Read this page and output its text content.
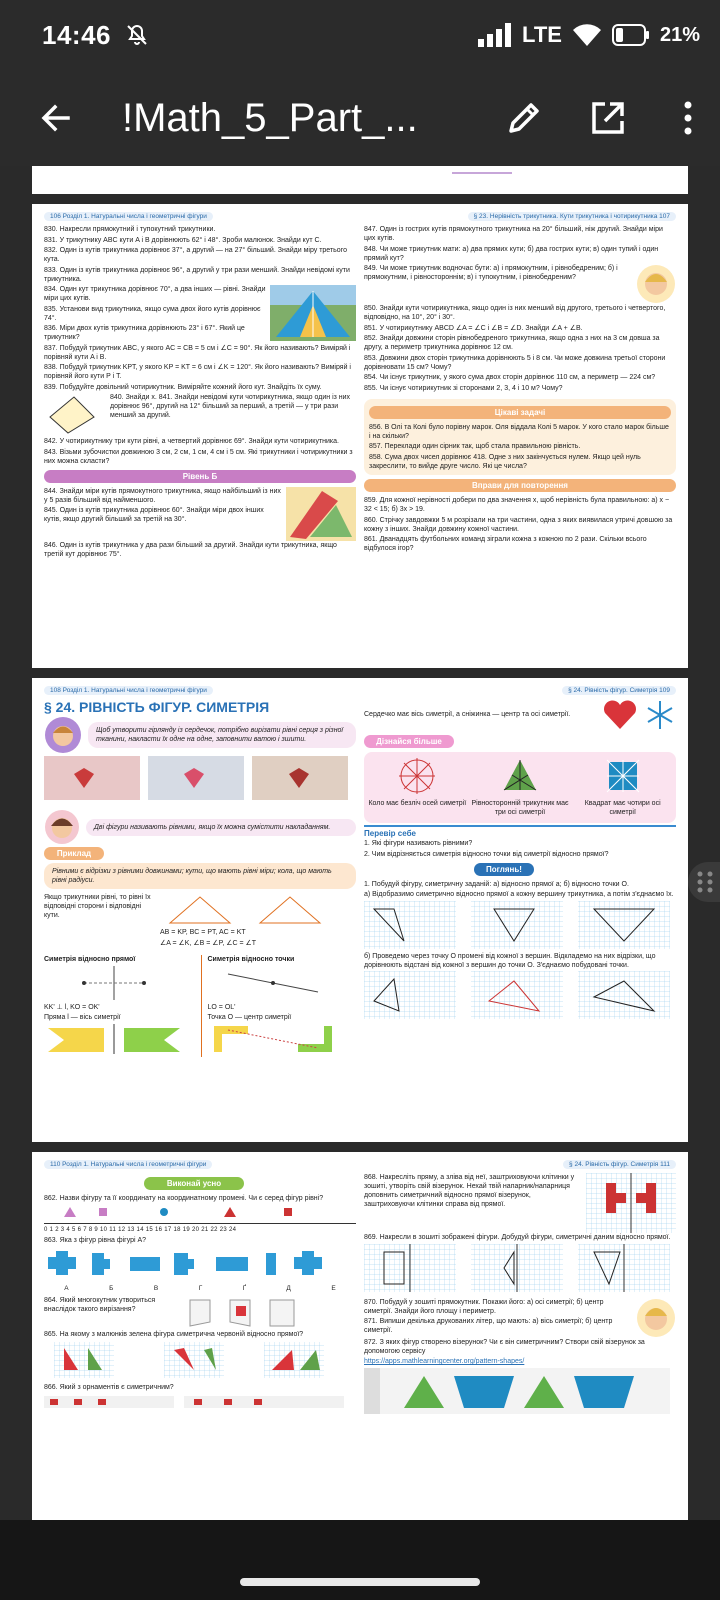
14:46	LTE	21%
!Math_5_Part_...
106 Розділ 1. Натуральні числа і геометричні фігури	§ 23. Нерівність трикутника. Кути трикутника і чотирикутника 107

830. Накресли прямокутний і тупокутний трикутники.

831. У трикутнику ABC кути A і B дорівнюють 62° і 48°. Зроби малюнок. Знайди кут C.

832. Один із кутів трикутника дорівнює 37°, а другий — на 27° більший. Знайди міру третього кута.

833. Один із кутів трикутника дорівнює 96°, а другий у три рази менший. Знайди невідомі кути трикутника.

834. Один кут трикутника дорівнює 70°, а два інших — рівні. Знайди міри цих кутів.

835. Установи вид трикутника, якщо сума двох його кутів дорівнює 74°.

836. Міри двох кутів трикутника дорівнюють 23° і 67°. Який це трикутник?

837. Побудуй трикутник ABC, у якого AC = CB = 5 см і ∠C = 90°. Як його називають? Виміряй і порівняй кути A і B.

838. Побудуй трикутник KPT, у якого KP = KT = 6 см і ∠K = 120°. Як його називають? Виміряй і порівняй його кути P і T.

839. Побудуйте довільний чотирикутник. Виміряйте кожний його кут. Знайдіть їх суму.

840. Знайди x. 841. Знайди невідомі кути чотирикутника, якщо один із них дорівнює 96°, другий на 12° більший за перший, а третій — у три рази менший за другий.

842. У чотирикутнику три кути рівні, а четвертий дорівнює 69°. Знайди кути чотирикутника.

843. Візьми зубочистки довжиною 3 см, 2 см, 1 см, 4 см і 5 см. Які трикутники і чотирикутники з них можна скласти?

Рівень Б

844. Знайди міри кутів прямокутного трикутника, якщо найбільший із них у 5 разів більший від найменшого.

845. Один із кутів трикутника дорівнює 60°. Знайди міри двох інших кутів, якщо другий більший за третій на 30°.

846. Один із кутів трикутника у два рази більший за другий. Знайди кути трикутника, якщо третій кут дорівнює 75°.

847. Один із гострих кутів прямокутного трикутника на 20° більший, ніж другий. Знайди міри цих кутів.

848. Чи може трикутник мати: а) два прямих кути; б) два гострих кути; в) один тупий і один прямий кут?

849. Чи може трикутник водночас бути: а) і прямокутним, і рівнобедреним; б) і прямокутним, і рівностороннім; в) і тупокутним, і рівнобедреним?

850. Знайди кути чотирикутника, якщо один із них менший від другого, третього і четвертого, відповідно, на 10°, 20° і 30°.

851. У чотирикутнику ABCD ∠A = ∠C і ∠B = ∠D. Знайди ∠A + ∠B.

852. Знайди довжини сторін рівнобедреного трикутника, якщо одна з них на 3 см довша за другу, а периметр трикутника дорівнює 12 см.

853. Довжини двох сторін трикутника дорівнюють 5 і 8 см. Чи може довжина третьої сторони дорівнювати 15 см? Чому?

854. Чи існує трикутник, у якого сума двох сторін дорівнює 110 см, а периметр — 224 см?

855. Чи існує чотирикутник зі сторонами 2, 3, 4 і 10 м? Чому?

Цікаві задачі

856. В Олі та Колі було порівну марок. Оля віддала Колі 5 марок. У кого стало марок більше і на скільки?

857. Переклади один сірник так, щоб стала правильною рівність.

858. Сума двох чисел дорівнює 418. Одне з них закінчується нулем. Якщо цей нуль закреслити, то вийде друге число. Які це числа?

Вправи для повторення

859. Для кожної нерівності добери по два значення x, щоб нерівність була правильною: а) x − 32 < 15; б) 3x > 19.

860. Стрічку завдовжки 5 м розрізали на три частини, одна з яких виявилася утричі довшою за кожну з інших. Знайди довжину кожної частини.

861. Дванадцять футбольних команд зіграли кожна з кожною по 2 рази. Скільки всього відбулося ігор?

108 Розділ 1. Натуральні числа і геометричні фігури	§ 24. Рівність фігур. Симетрія 109
§ 24. РІВНІСТЬ ФІГУР. СИМЕТРІЯ
Щоб утворити гірлянду із сердечок, потрібно вирізати рівні серця з різної тканини, накласти їх одне на одне, заповнити ватою і зшити.
Дві фігури називають рівними, якщо їх можна сумістити накладанням.
Приклад
Рівними є відрізки з рівними довжинами; кути, що мають рівні міри; кола, що мають рівні радіуси.

Якщо трикутники рівні, то рівні їх відповідні сторони і відповідні кути.

AB = KP, BC = PT, AC = KT

∠A = ∠K, ∠B = ∠P, ∠C = ∠T

Симетрія відносно прямої

KK' ⊥ l, KO = OK'

Пряма l — вісь симетрії

Симетрія відносно точки

LO = OL'

Точка O — центр симетрії

Сердечко має вісь симетрії, а сніжинка — центр та осі симетрії.

Дізнайся більше

Коло має безліч осей симетрії Рівносторонній трикутник має три осі симетрії

Квадрат має чотири осі симетрії

Перевір себе

1. Які фігури називають рівними?

2. Чим відрізняється симетрія відносно точки від симетрії відносно прямої?

Поглянь!

1. Побудуй фігуру, симетричну заданій: а) відносно прямої a; б) відносно точки O.

а) Відобразимо симетрично відносно прямої a кожну вершину трикутника, а потім з'єднаємо їх.

б) Проведемо через точку O промені від кожної з вершин. Відкладемо на них відрізки, що дорівнюють відстані від кожної з вершин до точки O. З'єднаємо побудовані точки.

110 Розділ 1. Натуральні числа і геометричні фігури	§ 24. Рівність фігур. Симетрія 111
Виконай усно

862. Назви фігуру та її координату на координатному промені. Чи є серед фігур рівні?

0 1 2 3 4 5 6 7 8 9 10 11 12 13 14 15 16 17 18 19 20 21 22 23 24

863. Яка з фігур рівна фігурі A?

А	Б	В	Г	Ґ	Д	Е

864. Який многокутник утвориться внаслідок такого вирізання?

865. На якому з малюнків зелена фігура симетрична червоній відносно прямої?

866. Який з орнаментів є симетричним?

868. Накресліть пряму, а зліва від неї, заштриховуючи клітинки у зошиті, утворіть свій візерунок. Нехай твій напарник/напарниця доповнить симетричний відносно прямої візерунок, заштриховуючи клітинки справа від прямої.

869. Накресли в зошиті зображені фігури. Добудуй фігури, симетричні даним відносно прямої.

870. Побудуй у зошиті прямокутник. Покажи його: а) осі симетрії; б) центр симетрії. Знайди його площу і периметр.

871. Випиши декілька друкованих літер, що мають: а) вісь симетрії; б) центр симетрії.

872. З яких фігур створено візерунок? Чи є він симетричним? Створи свій візерунок за допомогою сервісу

https://apps.mathlearningcenter.org/pattern-shapes/
